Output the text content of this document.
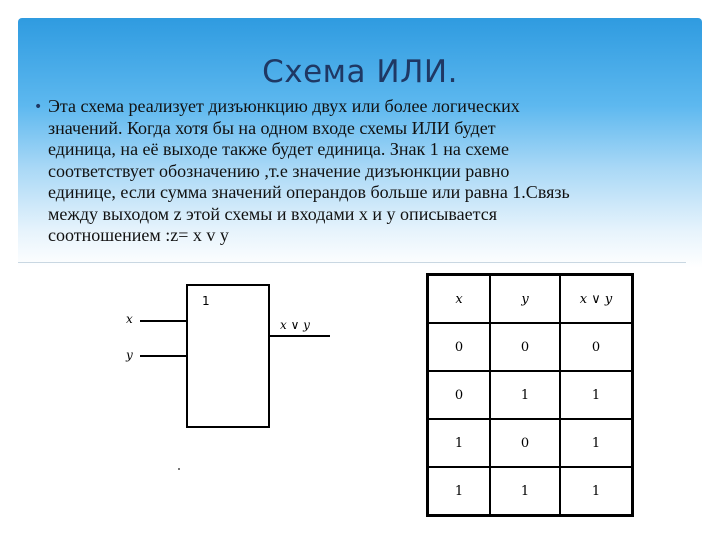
Схема ИЛИ.
• Эта схема реализует дизъюнкцию двух или более логических
значений. Когда хотя бы на одном входе схемы ИЛИ будет
единица, на её выходе также будет единица. Знак 1 на схеме
соответствует обозначению ,т.е значение дизъюнкции равно
единице, если сумма значений операндов больше или равна 1.Связь
между выходом z этой схемы и входами x и y описывается
соотношением :z= x v y
1
x
y
x ∨ y
x	y	x ∨ y
0	0	0
0	1	1
1	0	1
1	1	1
